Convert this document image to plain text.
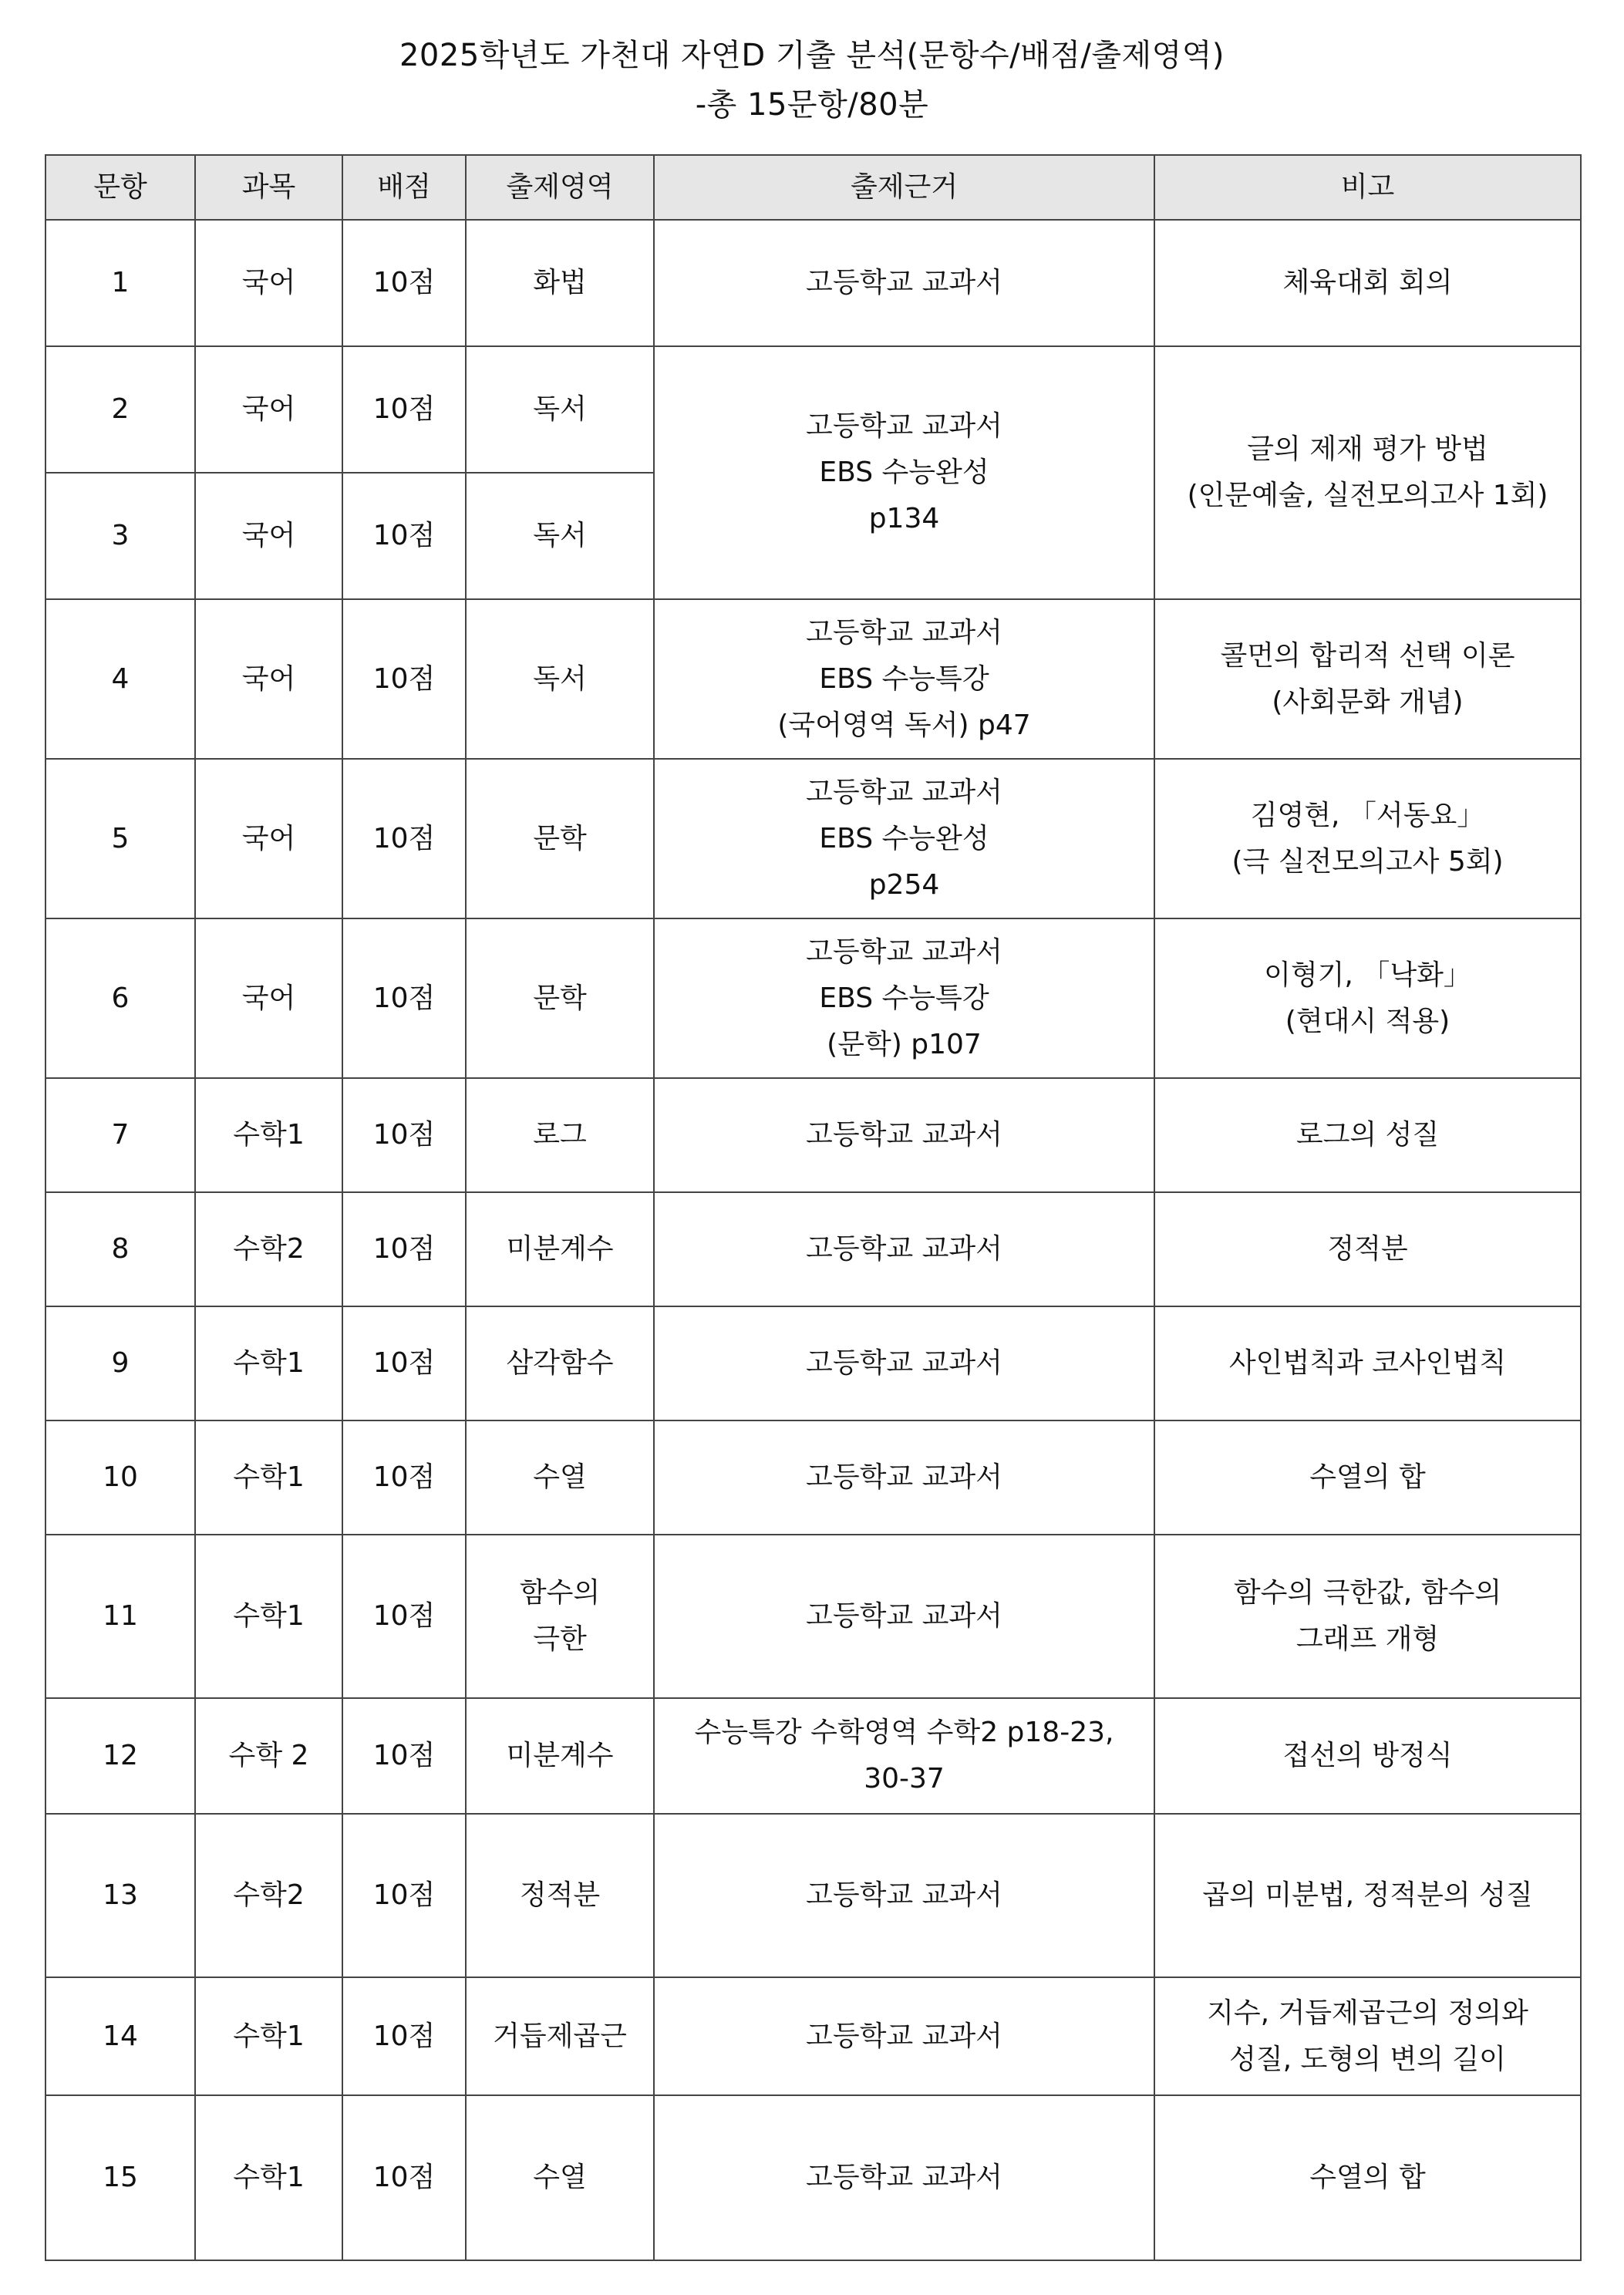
2025학년도 가천대 자연D 기출 분석(문항수/배점/출제영역)
-총 15문항/80분
문항	과목	배점	출제영역	출제근거	비고
1	국어	10점	화법	고등학교 교과서	체육대회 회의

2	국어	10점	독서	고등학교 교과서
EBS 수능완성
p134	글의 제재 평가 방법
(인문예술, 실전모의고사 1회)

3	국어	10점	독서		

4	국어	10점	독서	고등학교 교과서
EBS 수능특강
(국어영역 독서) p47	콜먼의 합리적 선택 이론
(사회문화 개념)

5	국어	10점	문학	고등학교 교과서
EBS 수능완성
p254	김영현, 「서동요」
(극 실전모의고사 5회)

6	국어	10점	문학	고등학교 교과서
EBS 수능특강
(문학) p107	이형기, 「낙화」
(현대시 적용)

7	수학1	10점	로그	고등학교 교과서	로그의 성질

8	수학2	10점	미분계수	고등학교 교과서	정적분

9	수학1	10점	삼각함수	고등학교 교과서	사인법칙과 코사인법칙

10	수학1	10점	수열	고등학교 교과서	수열의 합

11	수학1	10점	함수의
극한	고등학교 교과서	함수의 극한값, 함수의
그래프 개형

12	수학 2	10점	미분계수	수능특강 수학영역 수학2 p18-23,
30-37	접선의 방정식

13	수학2	10점	정적분	고등학교 교과서	곱의 미분법, 정적분의 성질

14	수학1	10점	거듭제곱근	고등학교 교과서	지수, 거듭제곱근의 정의와
성질, 도형의 변의 길이

15	수학1	10점	수열	고등학교 교과서	수열의 합
